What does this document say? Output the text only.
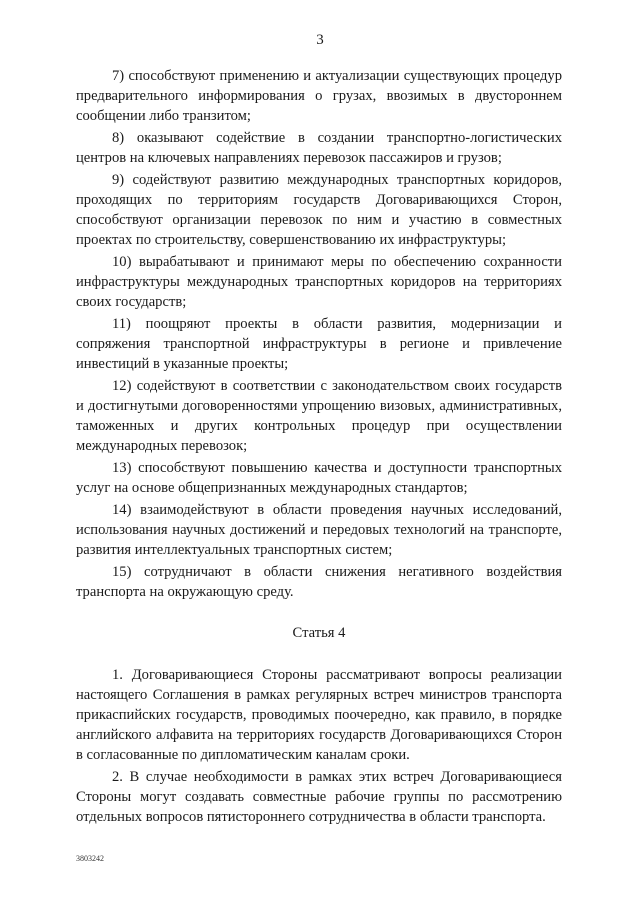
3

7) способствуют применению и актуализации существующих процедур предварительного информирования о грузах, ввозимых в двустороннем сообщении либо транзитом;

8) оказывают содействие в создании транспортно-логистических центров на ключевых направлениях перевозок пассажиров и грузов;

9) содействуют развитию международных транспортных коридоров, проходящих по территориям государств Договаривающихся Сторон, способствуют организации перевозок по ним и участию в совместных проектах по строительству, совершенствованию их инфраструктуры;

10) вырабатывают и принимают меры по обеспечению сохранности инфраструктуры международных транспортных коридоров на территориях своих государств;

11) поощряют проекты в области развития, модернизации и сопряжения транспортной инфраструктуры в регионе и привлечение инвестиций в указанные проекты;

12) содействуют в соответствии с законодательством своих государств и достигнутыми договоренностями упрощению визовых, административных, таможенных и других контрольных процедур при осуществлении международных перевозок;

13) способствуют повышению качества и доступности транспортных услуг на основе общепризнанных международных стандартов;

14) взаимодействуют в области проведения научных исследований, использования научных достижений и передовых технологий на транспорте, развития интеллектуальных транспортных систем;

15) сотрудничают в области снижения негативного воздействия транспорта на окружающую среду.

Статья 4

1. Договаривающиеся Стороны рассматривают вопросы реализации настоящего Соглашения в рамках регулярных встреч министров транспорта прикаспийских государств, проводимых поочередно, как правило, в порядке английского алфавита на территориях государств Договаривающихся Сторон в согласованные по дипломатическим каналам сроки.

2. В случае необходимости в рамках этих встреч Договаривающиеся Стороны могут создавать совместные рабочие группы по рассмотрению отдельных вопросов пятистороннего сотрудничества в области транспорта.

3803242
